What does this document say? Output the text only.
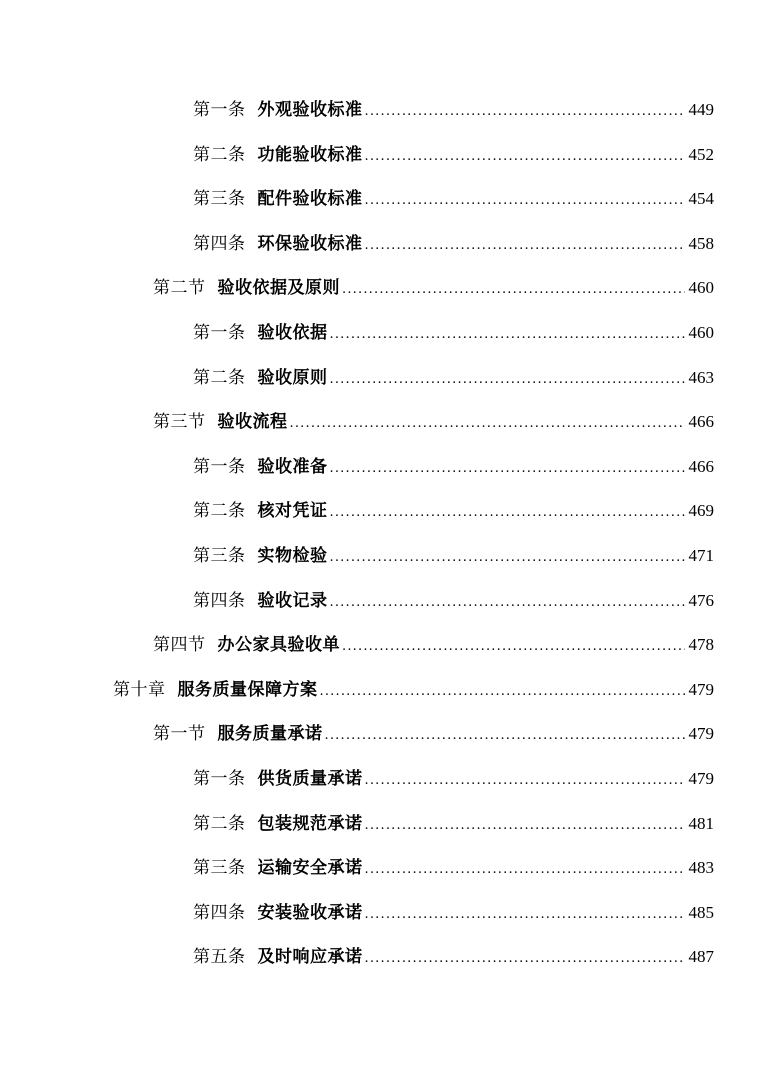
第一条 外观验收标准 .....	449
第二条 功能验收标准 .....	452
第三条 配件验收标准 .....	454
第四条 环保验收标准 .....	458
第二节 验收依据及原则 .....	460
第一条 验收依据 .....	460
第二条 验收原则 .....	463
第三节 验收流程 .....	466
第一条 验收准备 .....	466
第二条 核对凭证 .....	469
第三条 实物检验 .....	471
第四条 验收记录 .....	476
第四节 办公家具验收单 .....	478
第十章 服务质量保障方案 .....	479
第一节 服务质量承诺 .....	479
第一条 供货质量承诺 .....	479
第二条 包装规范承诺 .....	481
第三条 运输安全承诺 .....	483
第四条 安装验收承诺 .....	485
第五条 及时响应承诺 .....	487
